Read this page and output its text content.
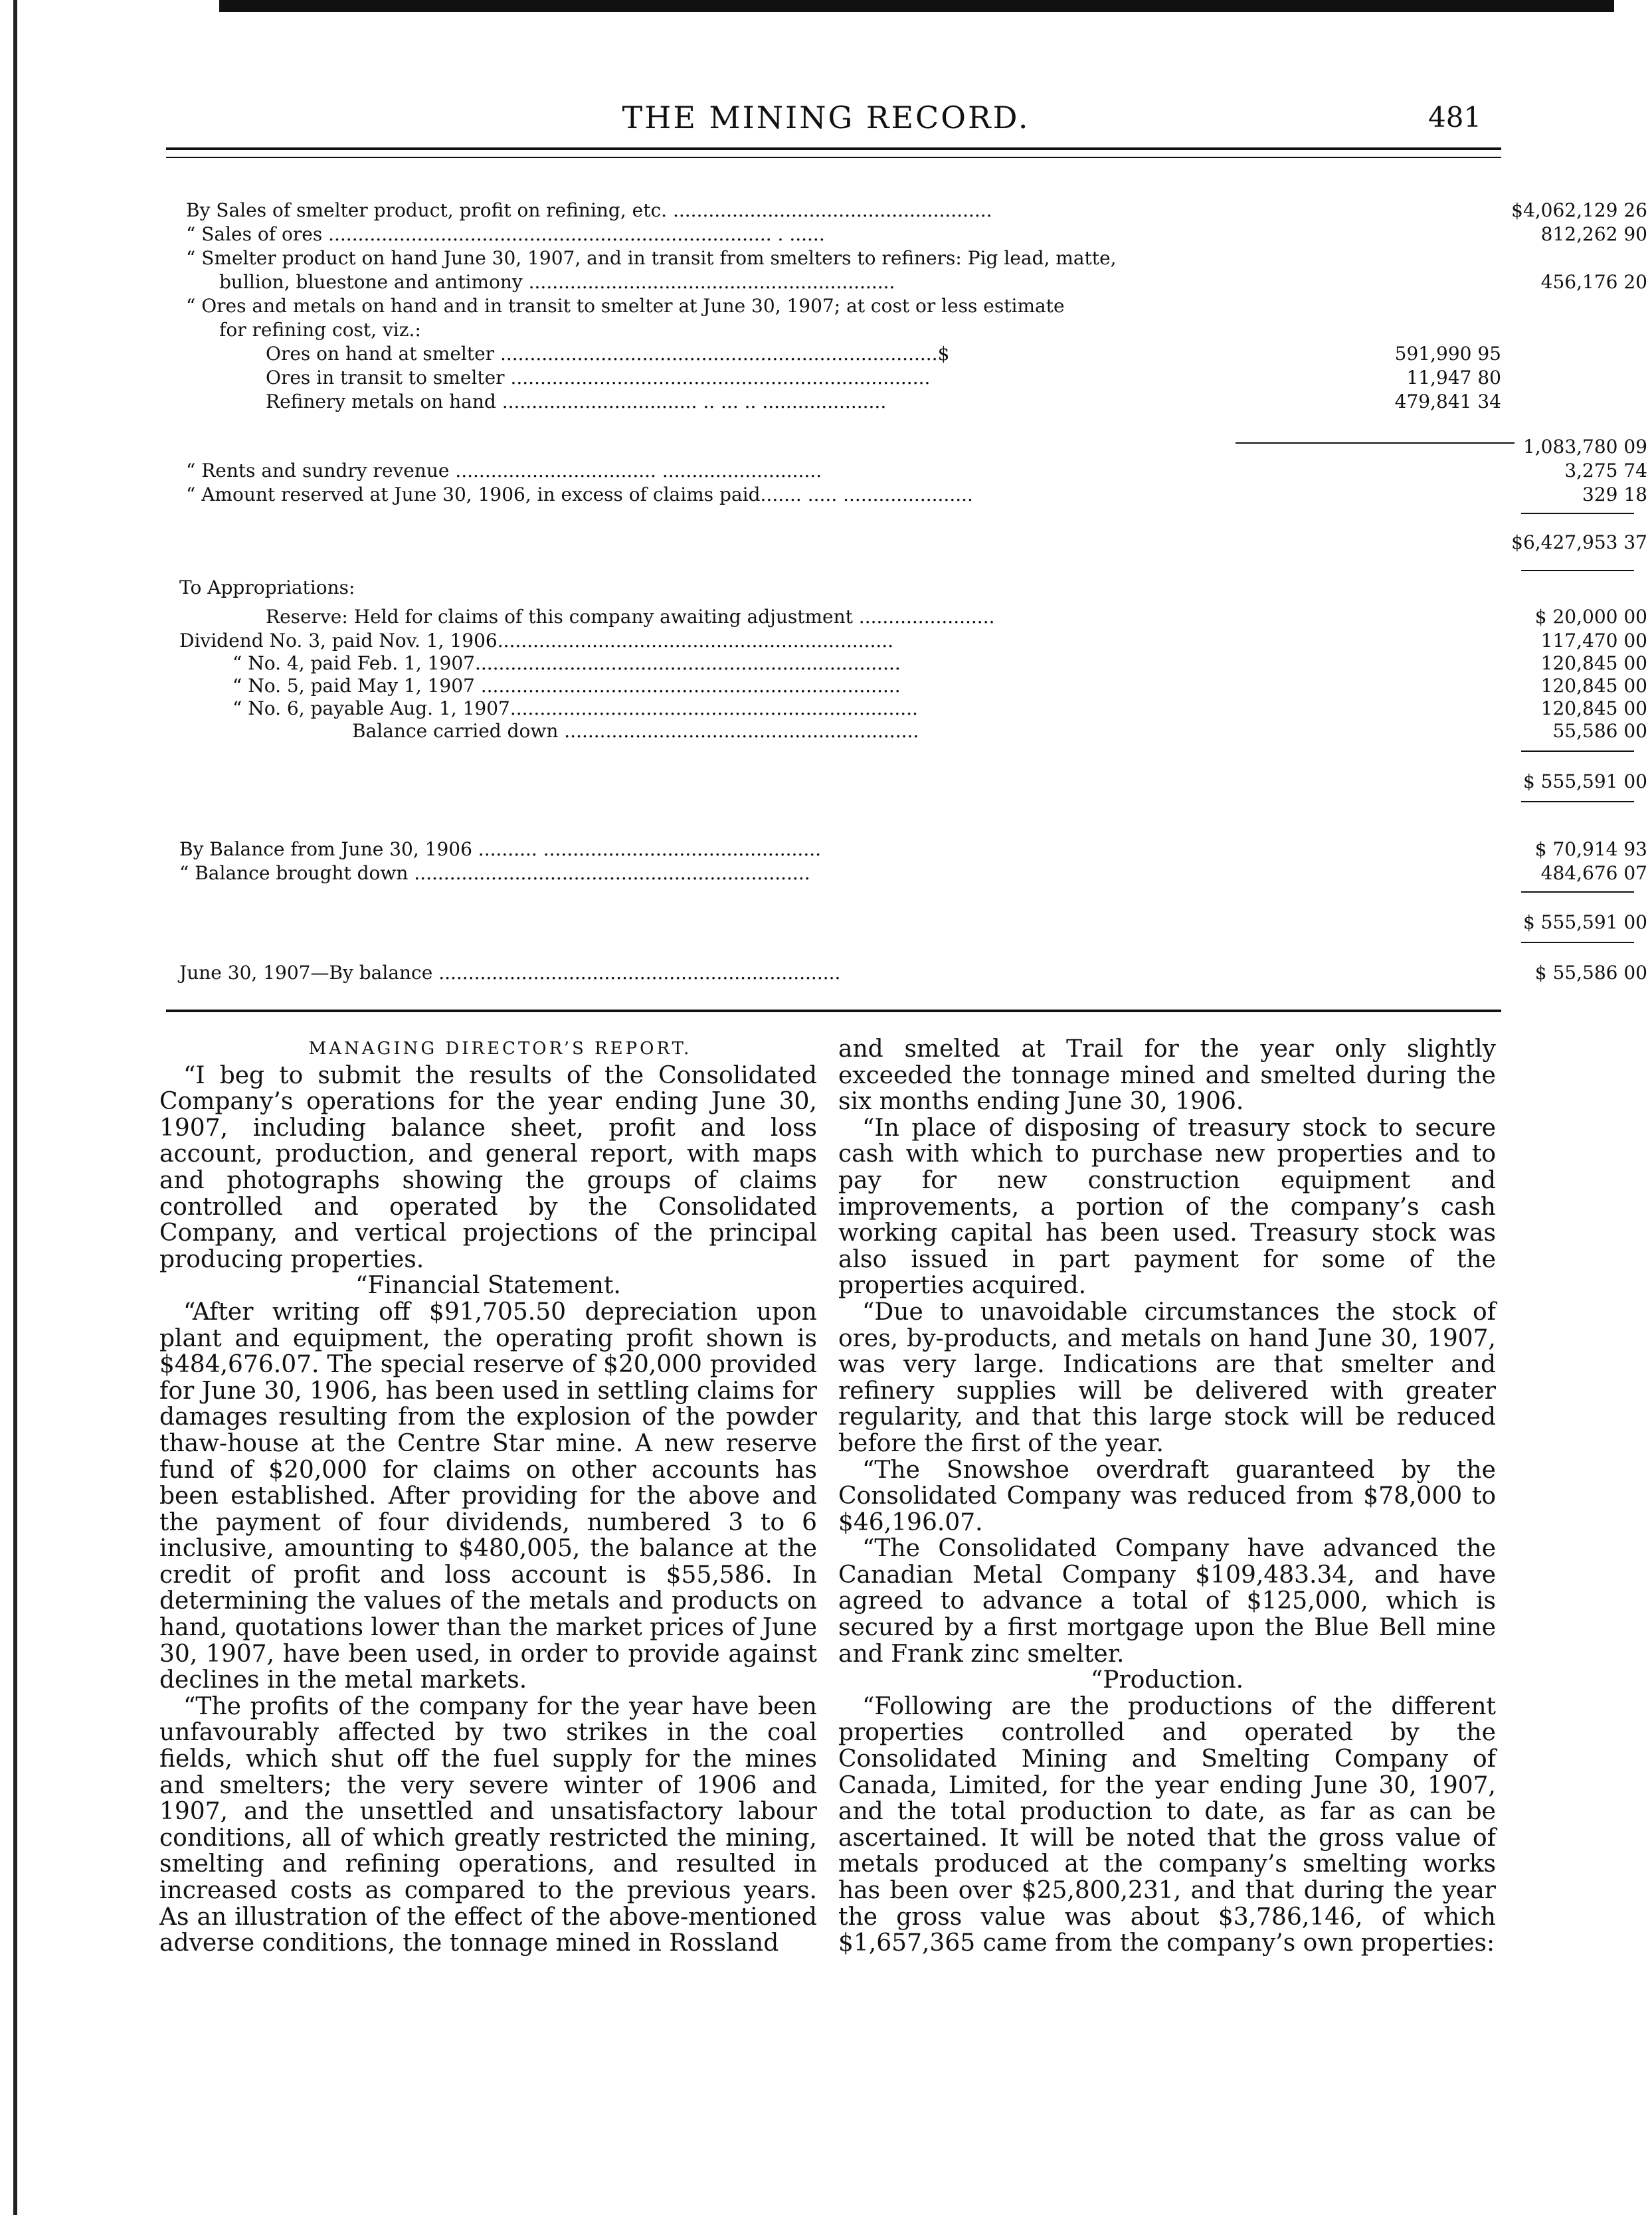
THE MINING RECORD.	481
By Sales of smelter product, profit on refining, etc. ......................................................	$4,062,129 26
“ Sales of ores ........................................................................... . ......	812,262 90
“ Smelter product on hand June 30, 1907, and in transit from smelters to refiners: Pig lead, matte,
bullion, bluestone and antimony ..............................................................	456,176 20
“ Ores and metals on hand and in transit to smelter at June 30, 1907; at cost or less estimate
for refining cost, viz.:
Ores on hand at smelter ..........................................................................$	591,990 95
Ores in transit to smelter .......................................................................	11,947 80
Refinery metals on hand ................................. .. ... .. .....................	479,841 34
1,083,780 09
“ Rents and sundry revenue .................................. ...........................	3,275 74
“ Amount reserved at June 30, 1906, in excess of claims paid....... ..... ......................	329 18
$6,427,953 37
To Appropriations:
Reserve: Held for claims of this company awaiting adjustment .......................	$ 20,000 00
Dividend No. 3, paid Nov. 1, 1906...................................................................	117,470 00
“ No. 4, paid Feb. 1, 1907........................................................................	120,845 00
“ No. 5, paid May 1, 1907 .......................................................................	120,845 00
“ No. 6, payable Aug. 1, 1907.....................................................................	120,845 00
Balance carried down ............................................................	55,586 00
$ 555,591 00
By Balance from June 30, 1906 .......... ...............................................	$ 70,914 93
“ Balance brought down ...................................................................	484,676 07
$ 555,591 00
June 30, 1907—By balance ....................................................................	$ 55,586 00

MANAGING DIRECTOR’S REPORT.

“I beg to submit the results of the Consolidated Company’s operations for the year ending June 30, 1907, including balance sheet, profit and loss account, production, and general report, with maps and photographs showing the groups of claims controlled and operated by the Consolidated Company, and vertical projections of the principal producing properties.

“Financial Statement.

“After writing off $91,705.50 depreciation upon plant and equipment, the operating profit shown is $484,676.07. The special reserve of $20,000 provided for June 30, 1906, has been used in settling claims for damages resulting from the explosion of the powder thaw-house at the Centre Star mine. A new reserve fund of $20,000 for claims on other accounts has been established. After providing for the above and the payment of four dividends, numbered 3 to 6 inclusive, amounting to $480,005, the balance at the credit of profit and loss account is $55,586. In determining the values of the metals and products on hand, quotations lower than the market prices of June 30, 1907, have been used, in order to provide against declines in the metal markets.

“The profits of the company for the year have been unfavourably affected by two strikes in the coal fields, which shut off the fuel supply for the mines and smelters; the very severe winter of 1906 and 1907, and the unsettled and unsatisfactory labour conditions, all of which greatly restricted the mining, smelting and refining operations, and resulted in increased costs as compared to the previous years. As an illustration of the effect of the above-mentioned adverse conditions, the tonnage mined in Rossland

and smelted at Trail for the year only slightly exceeded the tonnage mined and smelted during the six months ending June 30, 1906.

“In place of disposing of treasury stock to secure cash with which to purchase new properties and to pay for new construction equipment and improvements, a portion of the company’s cash working capital has been used. Treasury stock was also issued in part payment for some of the properties acquired.

“Due to unavoidable circumstances the stock of ores, by-products, and metals on hand June 30, 1907, was very large. Indications are that smelter and refinery supplies will be delivered with greater regularity, and that this large stock will be reduced before the first of the year.

“The Snowshoe overdraft guaranteed by the Consolidated Company was reduced from $78,000 to $46,196.07.

“The Consolidated Company have advanced the Canadian Metal Company $109,483.34, and have agreed to advance a total of $125,000, which is secured by a first mortgage upon the Blue Bell mine and Frank zinc smelter.

“Production.

“Following are the productions of the different properties controlled and operated by the Consolidated Mining and Smelting Company of Canada, Limited, for the year ending June 30, 1907, and the total production to date, as far as can be ascertained. It will be noted that the gross value of metals produced at the company’s smelting works has been over $25,800,231, and that during the year the gross value was about $3,786,146, of which $1,657,365 came from the company’s own properties:
